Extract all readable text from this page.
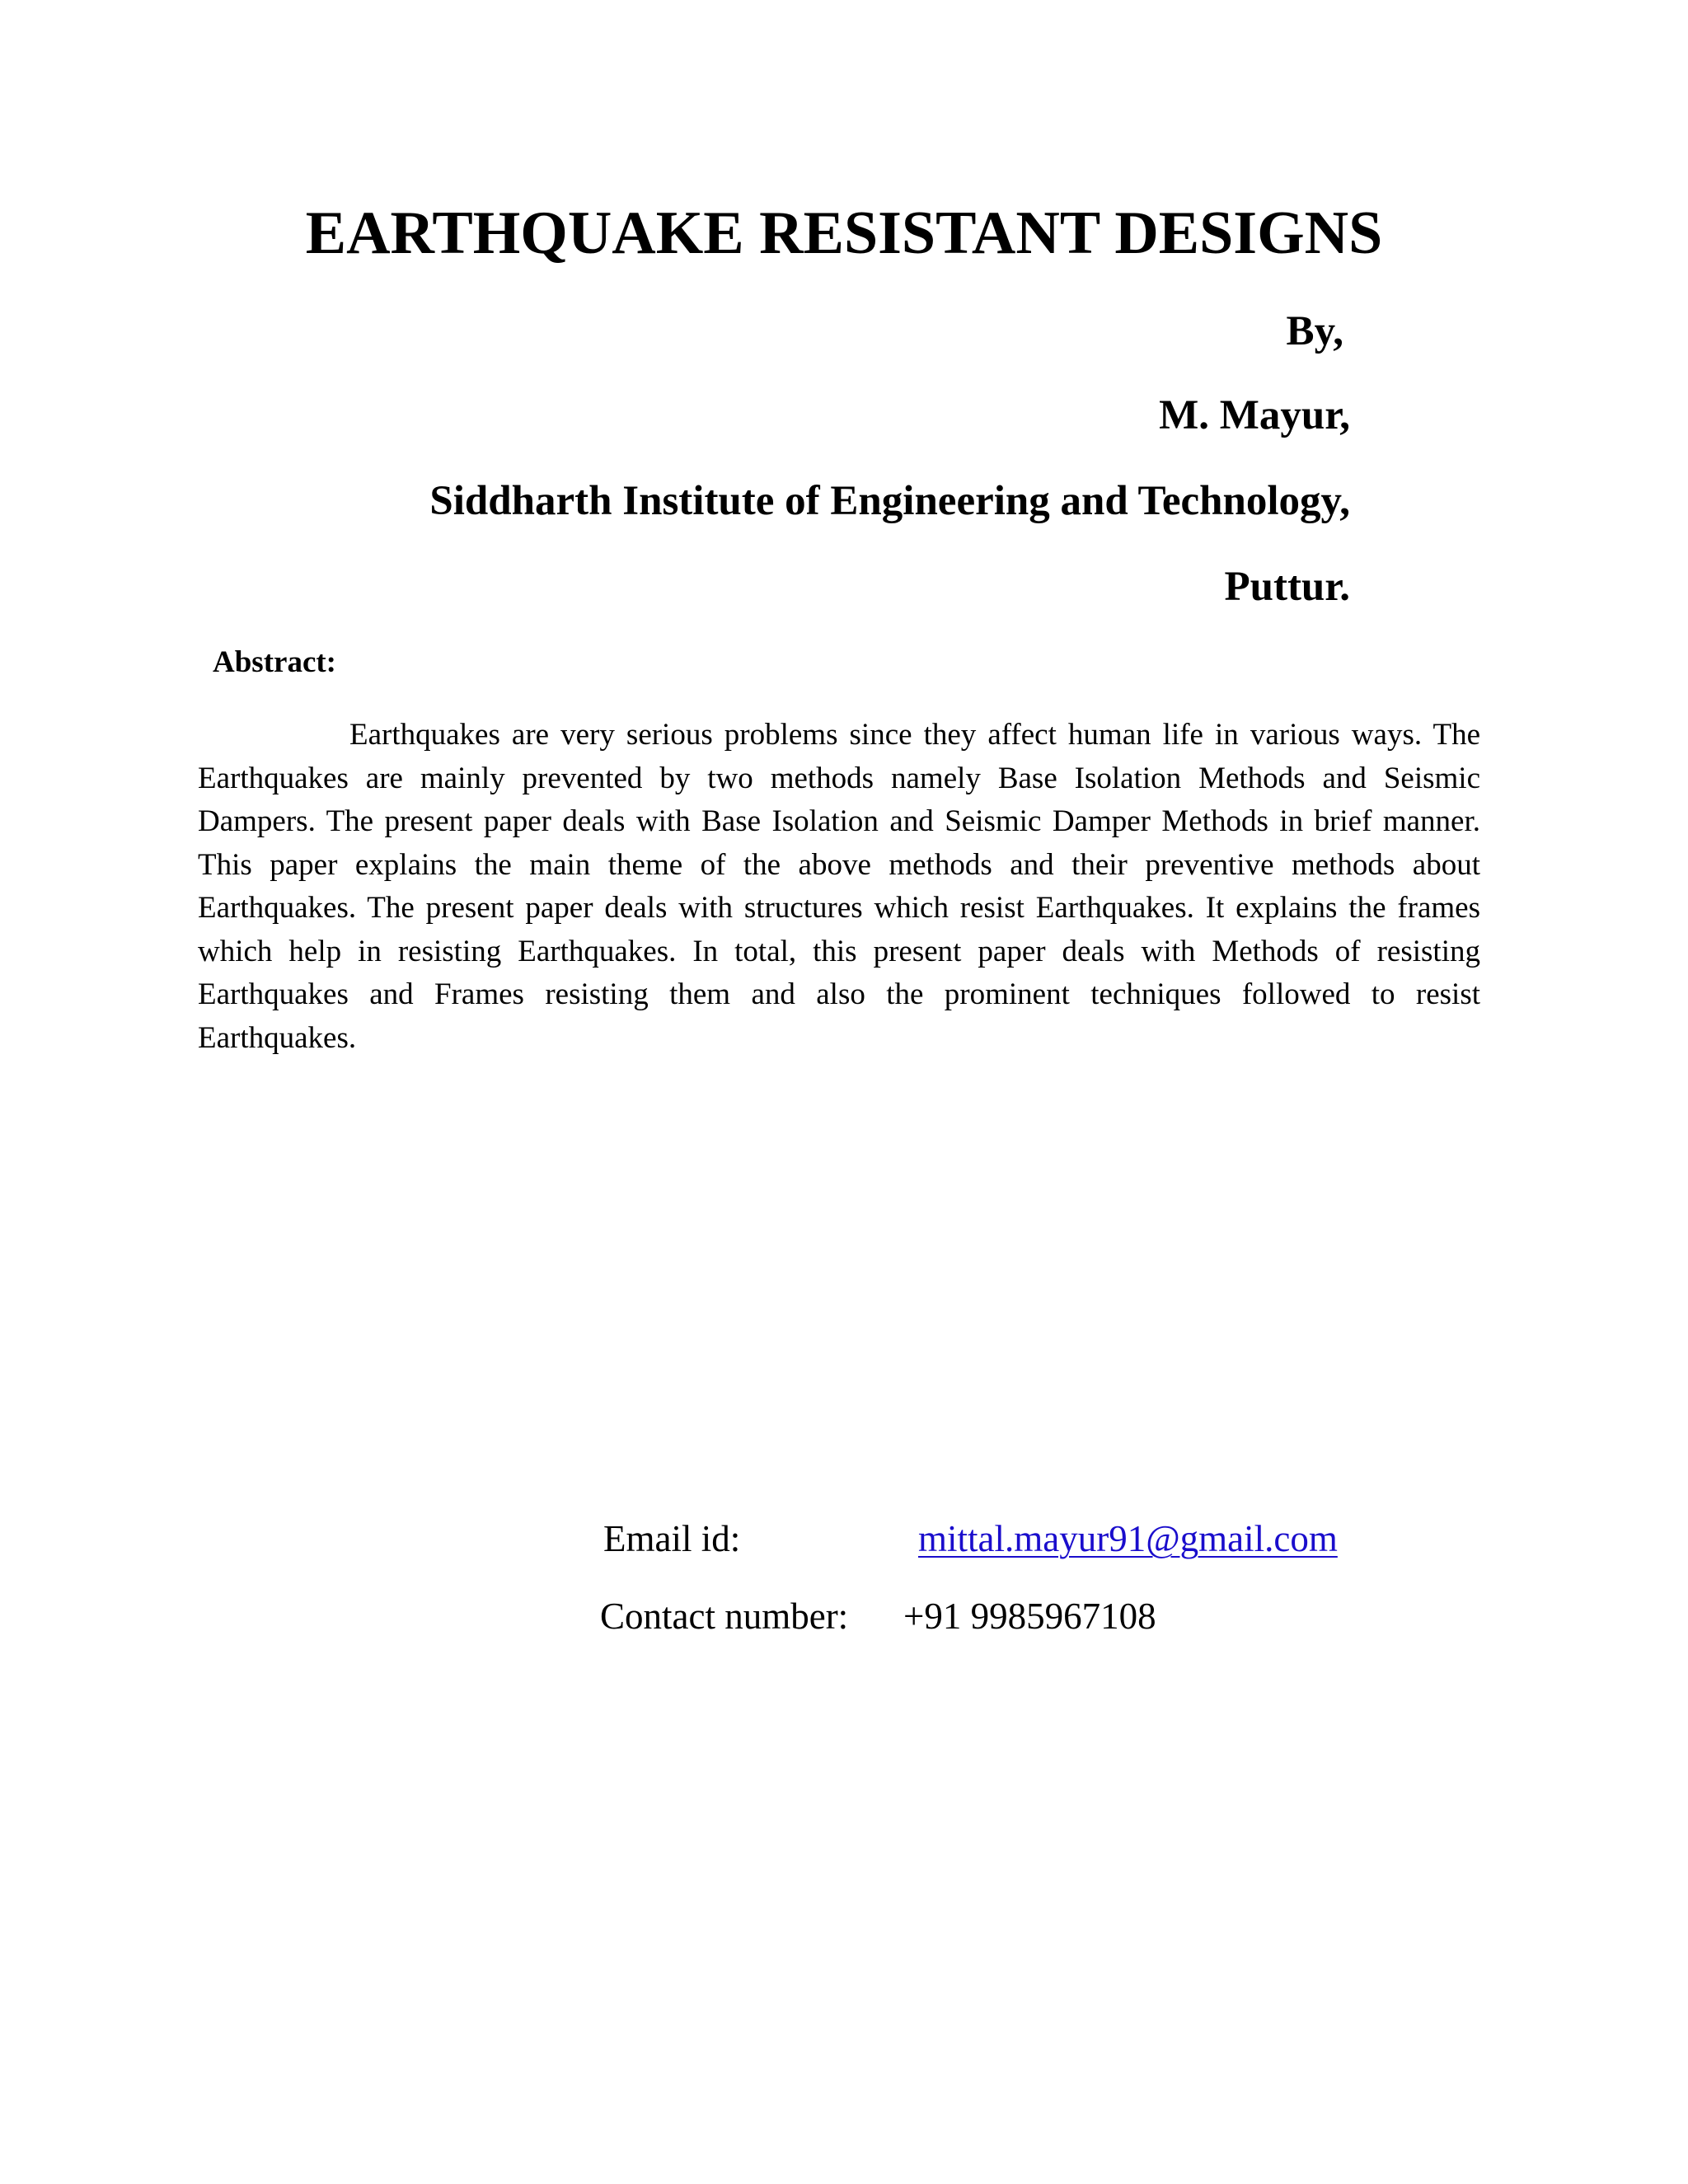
EARTHQUAKE RESISTANT DESIGNS

By,

M. Mayur,

Siddharth Institute of Engineering and Technology,

Puttur.

Abstract:

Earthquakes are very serious problems since they affect human life in various ways. The Earthquakes are mainly prevented by two methods namely Base Isolation Methods and Seismic Dampers. The present paper deals with Base Isolation and Seismic Damper Methods in brief manner. This paper explains the main theme of the above methods and their preventive methods about Earthquakes. The present paper deals with structures which resist Earthquakes. It explains the frames which help in resisting Earthquakes. In total, this present paper deals with Methods of resisting Earthquakes and Frames resisting them and also the prominent techniques followed to resist Earthquakes.

Email id:	mittal.mayur91@gmail.com
Contact number: +91 9985967108
